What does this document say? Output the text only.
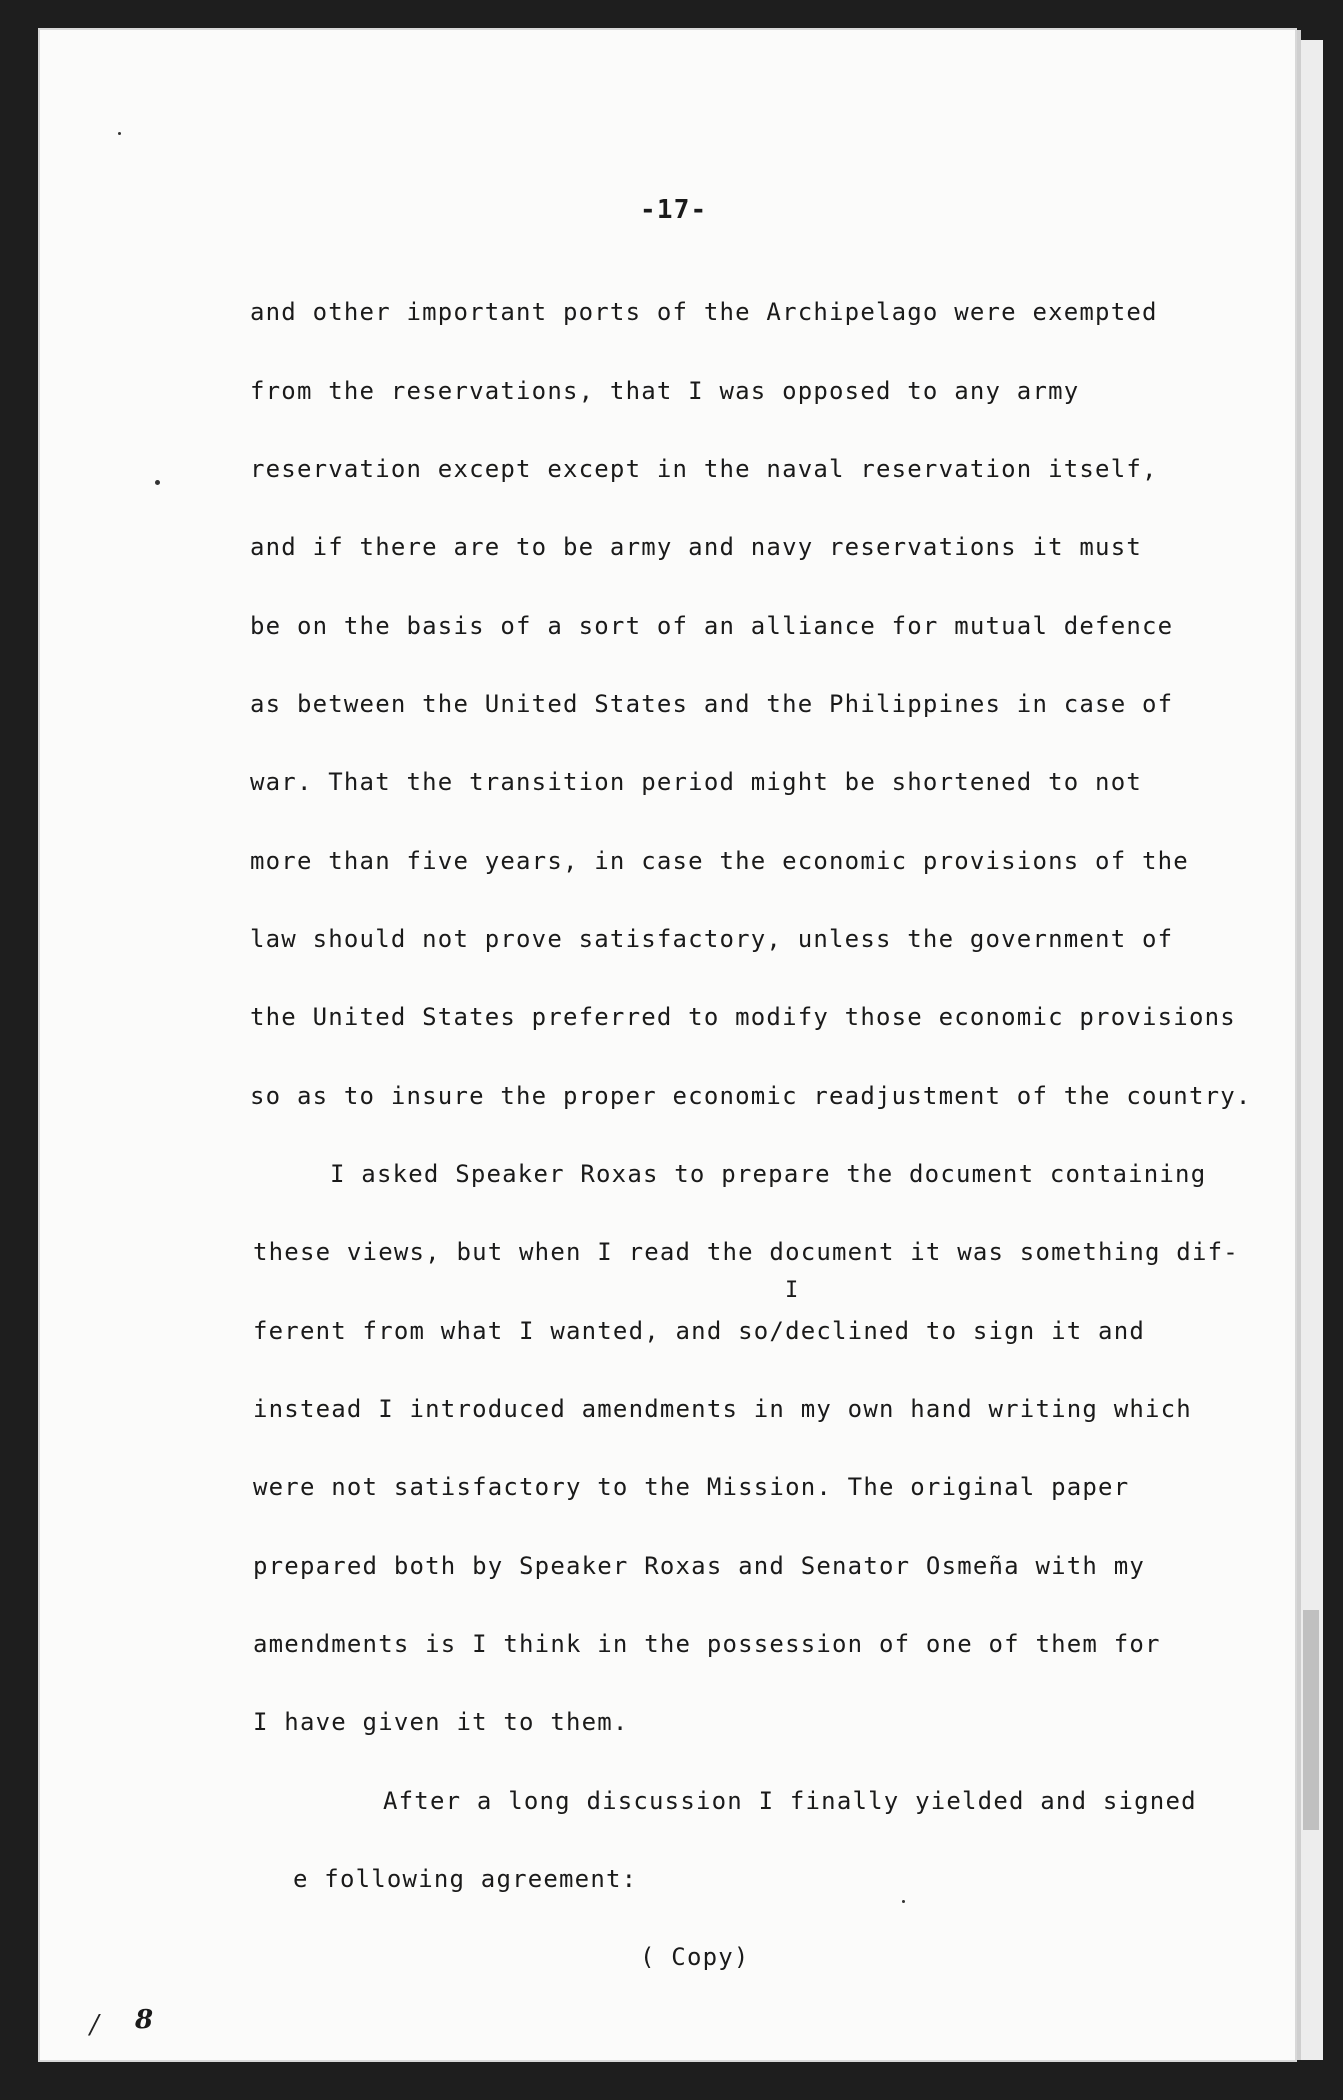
-17-
and other important ports of the Archipelago were exempted
from the reservations, that I was opposed to any army
reservation except except in the naval reservation itself,
and if there are to be army and navy reservations it must
be on the basis of a sort of an alliance for mutual defence
as between the United States and the Philippines in case of
war. That the transition period might be shortened to not
more than five years, in case the economic provisions of the
law should not prove satisfactory, unless the government of
the United States preferred to modify those economic provisions
so as to insure the proper economic readjustment of the country.
I asked Speaker Roxas to prepare the document containing
these views, but when I read the document it was something dif-
I
ferent from what I wanted, and so/declined to sign it and
instead I introduced amendments in my own hand writing which
were not satisfactory to the Mission. The original paper
prepared both by Speaker Roxas and Senator Osmeña with my
amendments is I think in the possession of one of them for
I have given it to them.
After a long discussion I finally yielded and signed
e following agreement:
( Copy)
8
/
